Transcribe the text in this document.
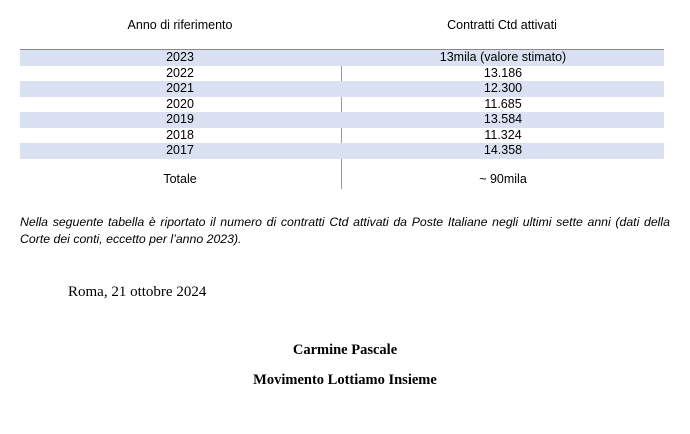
Anno di riferimento	Contratti Ctd attivati
2023	13mila (valore stimato)
2022	13.186
2021	12.300
2020	11.685
2019	13.584
2018	11.324
2017	14.358
Totale	~ 90mila
Nella seguente tabella è riportato il numero di contratti Ctd attivati da Poste Italiane negli ultimi sette anni (dati della Corte dei conti, eccetto per l’anno 2023).
Roma, 21 ottobre 2024
Carmine Pascale
Movimento Lottiamo Insieme
